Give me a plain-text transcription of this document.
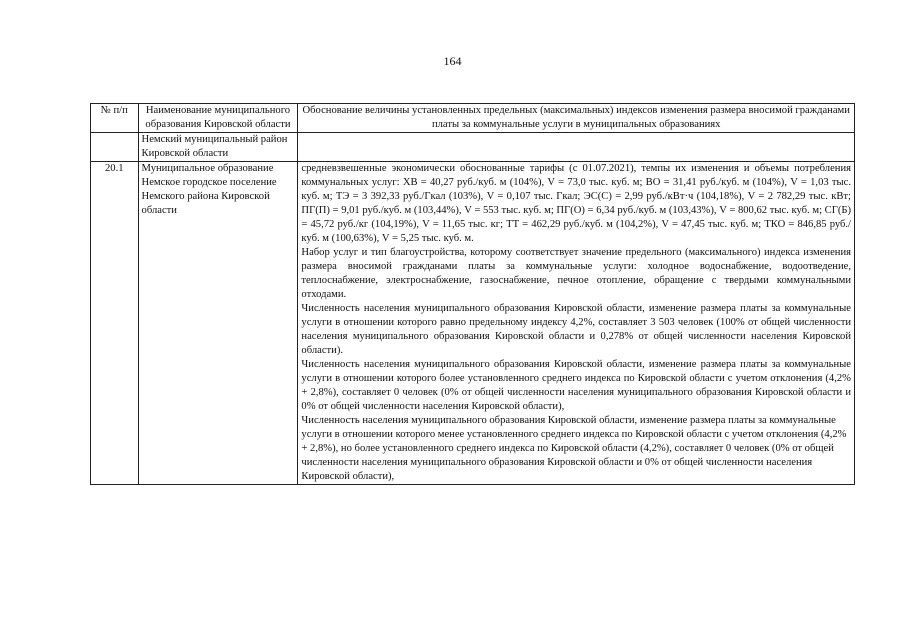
164
№ п/п	Наименование муниципального образования Кировской области	Обоснование величины установленных предельных (максимальных) индексов изменения размера вносимой гражданами платы за коммунальные услуги в муниципальных образованиях
	Немский муниципальный район Кировской области	
20.1	Муниципальное образование Немское городское поселение Немского района Кировской области	средневзвешенные экономически обоснованные тарифы (с 01.07.2021), темпы их изменения и объемы потребления коммунальных услуг: ХВ = 40,27 руб./куб. м (104%), V = 73,0 тыс. куб. м; ВО = 31,41 руб./куб. м (104%), V = 1,03 тыс. куб. м; ТЭ = 3 392,33 руб./Гкал (103%), V = 0,107 тыс. Гкал; ЭС(С) = 2,99 руб./кВт·ч (104,18%), V = 2 782,29 тыс. кВт; ПГ(П) = 9,01 руб./куб. м (103,44%), V = 553 тыс. куб. м; ПГ(О) = 6,34 руб./куб. м (103,43%), V = 800,62 тыс. куб. м; СГ(Б) = 45,72 руб./кг (104,19%), V = 11,65 тыс. кг; ТТ = 462,29 руб./куб. м (104,2%), V = 47,45 тыс. куб. м; ТКО = 846,85 руб./куб. м (100,63%), V = 5,25 тыс. куб. м.

Набор услуг и тип благоустройства, которому соответствует значение предельного (максимального) индекса изменения размера вносимой гражданами платы за коммунальные услуги: холодное водоснабжение, водоотведение, теплоснабжение, электроснабжение, газоснабжение, печное отопление, обращение с твердыми коммунальными отходами.

Численность населения муниципального образования Кировской области, изменение размера платы за коммунальные услуги в отношении которого равно предельному индексу 4,2%, составляет 3 503 человек (100% от общей численности населения муниципального образования Кировской области и 0,278% от общей численности населения Кировской области).

Численность населения муниципального образования Кировской области, изменение размера платы за коммунальные услуги в отношении которого более установленного среднего индекса по Кировской области с учетом отклонения (4,2% + 2,8%), составляет 0 человек (0% от общей численности населения муниципального образования Кировской области и 0% от общей численности населения Кировской области),

Численность населения муниципального образования Кировской области, изменение размера платы за коммунальные услуги в отношении которого менее установленного среднего индекса по Кировской области с учетом отклонения (4,2% + 2,8%), но более установленного среднего индекса по Кировской области (4,2%), составляет 0 человек (0% от общей численности населения муниципального образования Кировской области и 0% от общей численности населения Кировской области),
